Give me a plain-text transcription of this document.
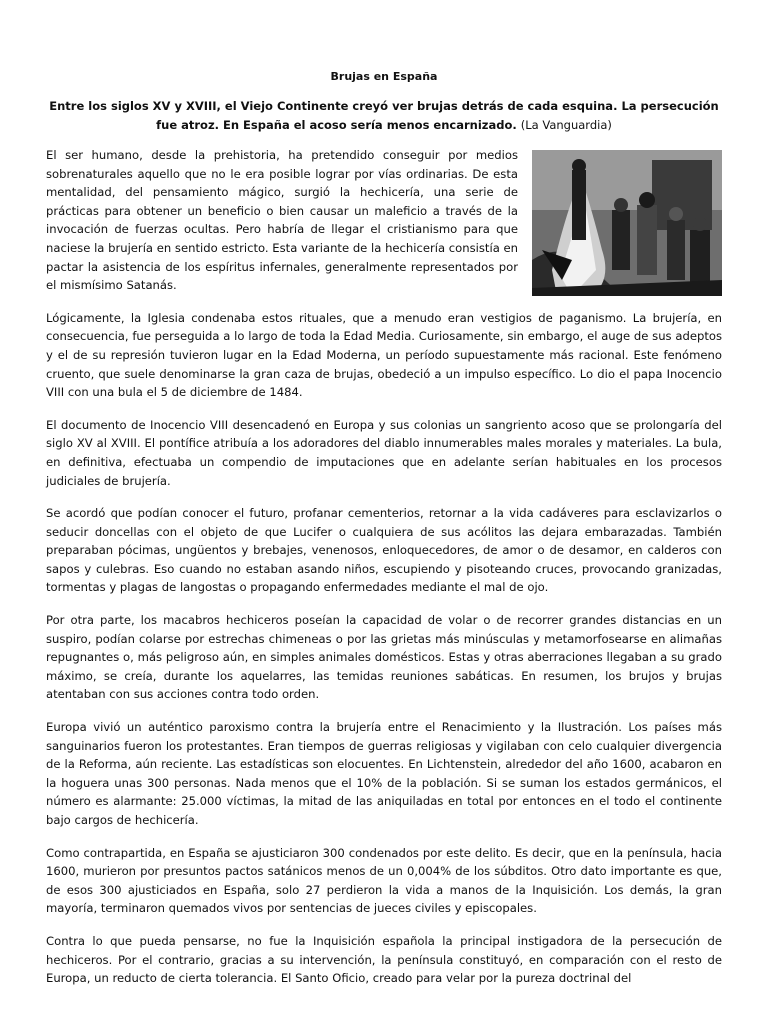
Brujas en España
Entre los siglos XV y XVIII, el Viejo Continente creyó ver brujas detrás de cada esquina. La persecución fue atroz. En España el acoso sería menos encarnizado. (La Vanguardia)

El ser humano, desde la prehistoria, ha pretendido conseguir por medios sobrenaturales aquello que no le era posible lograr por vías ordinarias. De esta mentalidad, del pensamiento mágico, surgió la hechicería, una serie de prácticas para obtener un beneficio o bien causar un maleficio a través de la invocación de fuerzas ocultas. Pero habría de llegar el cristianismo para que naciese la brujería en sentido estricto. Esta variante de la hechicería consistía en pactar la asistencia de los espíritus infernales, generalmente representados por el mismísimo Satanás.

Lógicamente, la Iglesia condenaba estos rituales, que a menudo eran vestigios de paganismo. La brujería, en consecuencia, fue perseguida a lo largo de toda la Edad Media. Curiosamente, sin embargo, el auge de sus adeptos y el de su represión tuvieron lugar en la Edad Moderna, un período supuestamente más racional. Este fenómeno cruento, que suele denominarse la gran caza de brujas, obedeció a un impulso específico. Lo dio el papa Inocencio VIII con una bula el 5 de diciembre de 1484.

El documento de Inocencio VIII desencadenó en Europa y sus colonias un sangriento acoso que se prolongaría del siglo XV al XVIII. El pontífice atribuía a los adoradores del diablo innumerables males morales y materiales. La bula, en definitiva, efectuaba un compendio de imputaciones que en adelante serían habituales en los procesos judiciales de brujería.

Se acordó que podían conocer el futuro, profanar cementerios, retornar a la vida cadáveres para esclavizarlos o seducir doncellas con el objeto de que Lucifer o cualquiera de sus acólitos las dejara embarazadas. También preparaban pócimas, ungüentos y brebajes, venenosos, enloquecedores, de amor o de desamor, en calderos con sapos y culebras. Eso cuando no estaban asando niños, escupiendo y pisoteando cruces, provocando granizadas, tormentas y plagas de langostas o propagando enfermedades mediante el mal de ojo.

Por otra parte, los macabros hechiceros poseían la capacidad de volar o de recorrer grandes distancias en un suspiro, podían colarse por estrechas chimeneas o por las grietas más minúsculas y metamorfosearse en alimañas repugnantes o, más peligroso aún, en simples animales domésticos. Estas y otras aberraciones llegaban a su grado máximo, se creía, durante los aquelarres, las temidas reuniones sabáticas. En resumen, los brujos y brujas atentaban con sus acciones contra todo orden.

Europa vivió un auténtico paroxismo contra la brujería entre el Renacimiento y la Ilustración. Los países más sanguinarios fueron los protestantes. Eran tiempos de guerras religiosas y vigilaban con celo cualquier divergencia de la Reforma, aún reciente. Las estadísticas son elocuentes. En Lichtenstein, alrededor del año 1600, acabaron en la hoguera unas 300 personas. Nada menos que el 10% de la población. Si se suman los estados germánicos, el número es alarmante: 25.000 víctimas, la mitad de las aniquiladas en total por entonces en el todo el continente bajo cargos de hechicería.

Como contrapartida, en España se ajusticiaron 300 condenados por este delito. Es decir, que en la península, hacia 1600, murieron por presuntos pactos satánicos menos de un 0,004% de los súbditos. Otro dato importante es que, de esos 300 ajusticiados en España, solo 27 perdieron la vida a manos de la Inquisición. Los demás, la gran mayoría, terminaron quemados vivos por sentencias de jueces civiles y episcopales.

Contra lo que pueda pensarse, no fue la Inquisición española la principal instigadora de la persecución de hechiceros. Por el contrario, gracias a su intervención, la península constituyó, en comparación con el resto de Europa, un reducto de cierta tolerancia. El Santo Oficio, creado para velar por la pureza doctrinal del
